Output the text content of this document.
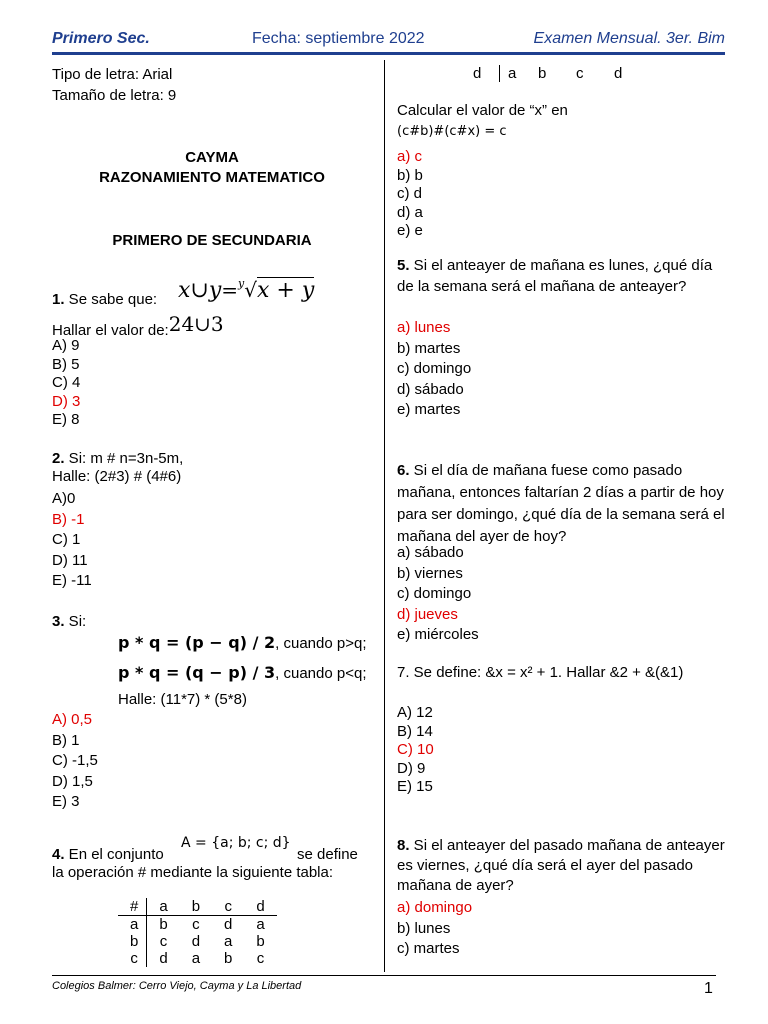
Primero Sec.	Fecha: septiembre 2022	Examen Mensual. 3er. Bim
Tipo de letra: Arial
Tamaño de letra: 9
CAYMA
RAZONAMIENTO MATEMATICO
PRIMERO DE SECUNDARIA
1. Se sabe que: x∪y=$^y$√x + y
Hallar el valor de:24∪3
A) 9
B) 5
C) 4
D) 3
E) 8
2. Si: m # n=3n-5m,
Halle: (2#3) # (4#6)
A)0
B) -1
C) 1
D) 11
E) -11
3. Si:
p * q = (p − q) / 2, cuando p>q;
p * q = (q − p) / 3, cuando p<q;
Halle: (11*7) * (5*8)
A) 0,5
B) 1
C) -1,5
D) 1,5
E) 3
4. En el conjunto
A = {a; b; c; d}
se define
la operación # mediante la siguiente tabla:
#	a	b	c	d
a	b	c	d	a
b	c	d	a	b
c	d	a	b	c
d a b c d
Calcular el valor de “x” en
(c#b)#(c#x) = c
a) c
b) b
c) d
d) a
e) e
5. Si el anteayer de mañana es lunes, ¿qué día de la semana será el mañana de anteayer?
a) lunes
b) martes
c) domingo
d) sábado
e) martes
6. Si el día de mañana fuese como pasado mañana, entonces faltarían 2 días a partir de hoy para ser domingo, ¿qué día de la semana será el mañana del ayer de hoy?
a) sábado
b) viernes
c) domingo
d) jueves
e) miércoles
7. Se define: &x = x² + 1. Hallar &2 + &(&1)
A) 12
B) 14
C) 10
D) 9
E) 15
8. Si el anteayer del pasado mañana de anteayer es viernes, ¿qué día será el ayer del pasado mañana de ayer?
a) domingo
b) lunes
c) martes
Colegios Balmer: Cerro Viejo, Cayma y La Libertad	1
